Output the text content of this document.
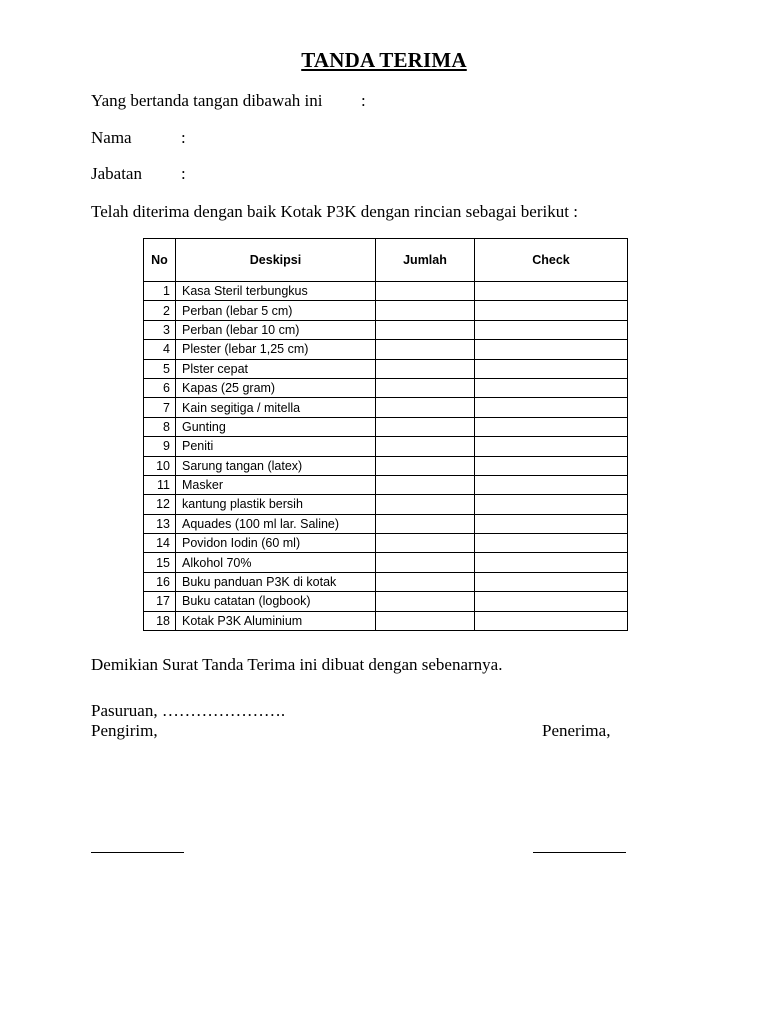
TANDA TERIMA
Yang bertanda tangan dibawah ini :
Nama	:
Jabatan :
Telah diterima dengan baik Kotak P3K dengan rincian sebagai berikut :
No	Deskipsi	Jumlah	Check
1	Kasa Steril terbungkus		
2	Perban (lebar 5 cm)		
3	Perban (lebar 10 cm)		
4	Plester (lebar 1,25 cm)		
5	Plster cepat		
6	Kapas (25 gram)		
7	Kain segitiga / mitella		
8	Gunting		
9	Peniti		
10	Sarung tangan (latex)		
11	Masker		
12	kantung plastik bersih		
13	Aquades (100 ml lar. Saline)		
14	Povidon Iodin (60 ml)		
15	Alkohol 70%		
16	Buku panduan P3K di kotak		
17	Buku catatan (logbook)		
18	Kotak P3K Aluminium		
Demikian Surat Tanda Terima ini dibuat dengan sebenarnya.
Pasuruan, ………………….
Pengirim,	Penerima,
